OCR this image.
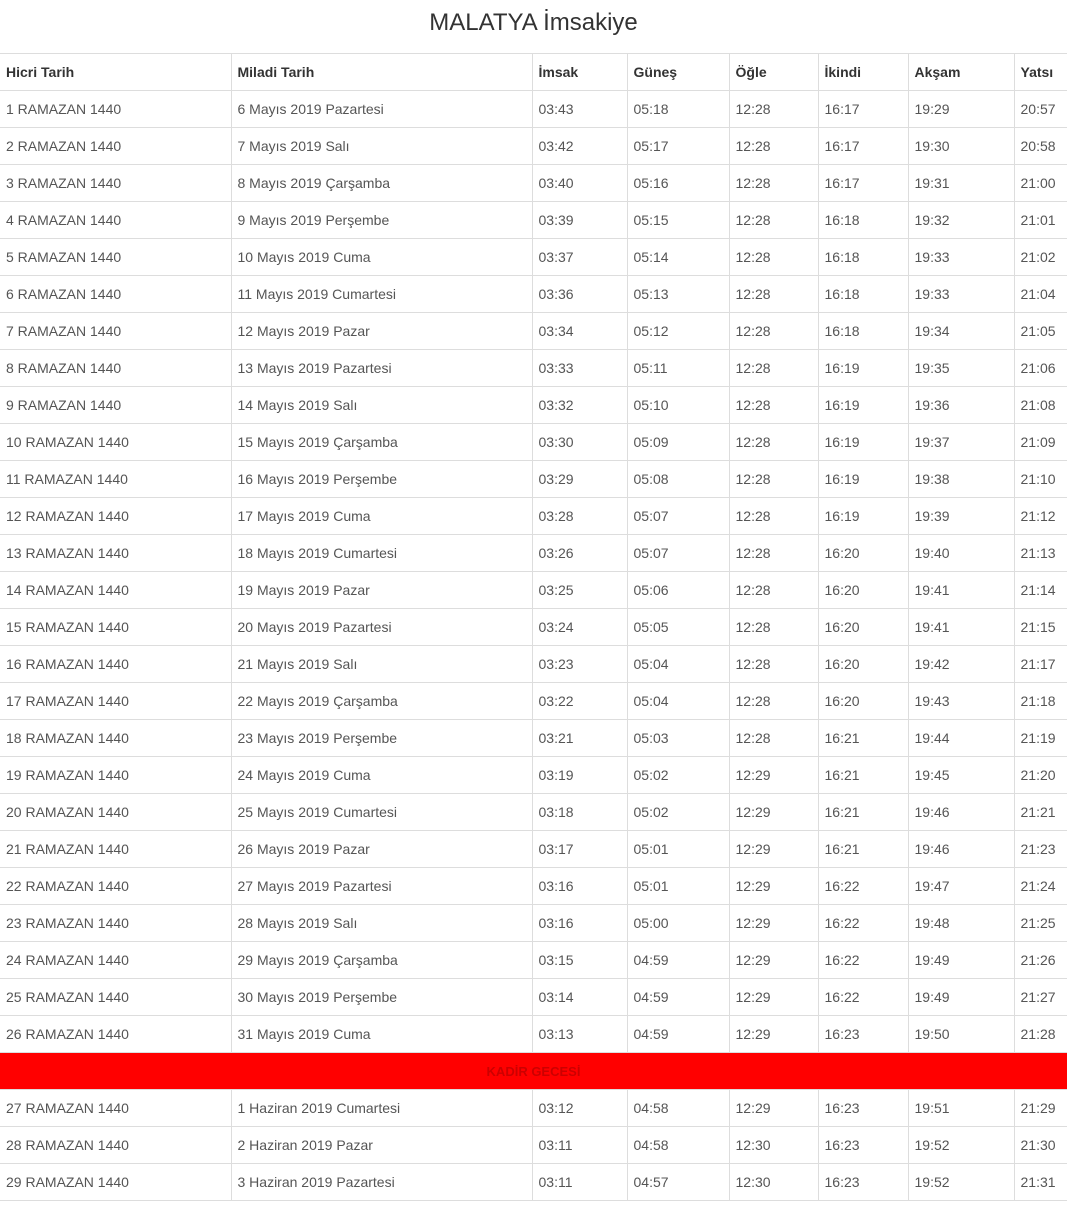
MALATYA İmsakiye
Hicri Tarih	Miladi Tarih	İmsak	Güneş	Öğle	İkindi	Akşam	Yatsı
1 RAMAZAN 1440	6 Mayıs 2019 Pazartesi	03:43	05:18	12:28	16:17	19:29	20:57
2 RAMAZAN 1440	7 Mayıs 2019 Salı	03:42	05:17	12:28	16:17	19:30	20:58
3 RAMAZAN 1440	8 Mayıs 2019 Çarşamba	03:40	05:16	12:28	16:17	19:31	21:00
4 RAMAZAN 1440	9 Mayıs 2019 Perşembe	03:39	05:15	12:28	16:18	19:32	21:01
5 RAMAZAN 1440	10 Mayıs 2019 Cuma	03:37	05:14	12:28	16:18	19:33	21:02
6 RAMAZAN 1440	11 Mayıs 2019 Cumartesi	03:36	05:13	12:28	16:18	19:33	21:04
7 RAMAZAN 1440	12 Mayıs 2019 Pazar	03:34	05:12	12:28	16:18	19:34	21:05
8 RAMAZAN 1440	13 Mayıs 2019 Pazartesi	03:33	05:11	12:28	16:19	19:35	21:06
9 RAMAZAN 1440	14 Mayıs 2019 Salı	03:32	05:10	12:28	16:19	19:36	21:08
10 RAMAZAN 1440	15 Mayıs 2019 Çarşamba	03:30	05:09	12:28	16:19	19:37	21:09
11 RAMAZAN 1440	16 Mayıs 2019 Perşembe	03:29	05:08	12:28	16:19	19:38	21:10
12 RAMAZAN 1440	17 Mayıs 2019 Cuma	03:28	05:07	12:28	16:19	19:39	21:12
13 RAMAZAN 1440	18 Mayıs 2019 Cumartesi	03:26	05:07	12:28	16:20	19:40	21:13
14 RAMAZAN 1440	19 Mayıs 2019 Pazar	03:25	05:06	12:28	16:20	19:41	21:14
15 RAMAZAN 1440	20 Mayıs 2019 Pazartesi	03:24	05:05	12:28	16:20	19:41	21:15
16 RAMAZAN 1440	21 Mayıs 2019 Salı	03:23	05:04	12:28	16:20	19:42	21:17
17 RAMAZAN 1440	22 Mayıs 2019 Çarşamba	03:22	05:04	12:28	16:20	19:43	21:18
18 RAMAZAN 1440	23 Mayıs 2019 Perşembe	03:21	05:03	12:28	16:21	19:44	21:19
19 RAMAZAN 1440	24 Mayıs 2019 Cuma	03:19	05:02	12:29	16:21	19:45	21:20
20 RAMAZAN 1440	25 Mayıs 2019 Cumartesi	03:18	05:02	12:29	16:21	19:46	21:21
21 RAMAZAN 1440	26 Mayıs 2019 Pazar	03:17	05:01	12:29	16:21	19:46	21:23
22 RAMAZAN 1440	27 Mayıs 2019 Pazartesi	03:16	05:01	12:29	16:22	19:47	21:24
23 RAMAZAN 1440	28 Mayıs 2019 Salı	03:16	05:00	12:29	16:22	19:48	21:25
24 RAMAZAN 1440	29 Mayıs 2019 Çarşamba	03:15	04:59	12:29	16:22	19:49	21:26
25 RAMAZAN 1440	30 Mayıs 2019 Perşembe	03:14	04:59	12:29	16:22	19:49	21:27
26 RAMAZAN 1440	31 Mayıs 2019 Cuma	03:13	04:59	12:29	16:23	19:50	21:28
KADİR GECESİ							
27 RAMAZAN 1440	1 Haziran 2019 Cumartesi	03:12	04:58	12:29	16:23	19:51	21:29
28 RAMAZAN 1440	2 Haziran 2019 Pazar	03:11	04:58	12:30	16:23	19:52	21:30
29 RAMAZAN 1440	3 Haziran 2019 Pazartesi	03:11	04:57	12:30	16:23	19:52	21:31
